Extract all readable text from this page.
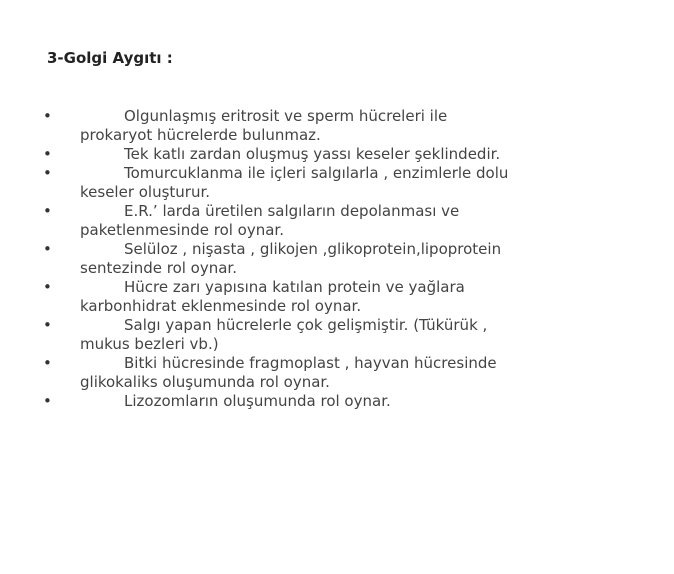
3-Golgi Aygıtı :
•	Olgunlaşmış eritrosit ve sperm hücreleri ile
prokaryot hücrelerde bulunmaz.
•	Tek katlı zardan oluşmuş yassı keseler şeklindedir.
•	Tomurcuklanma ile içleri salgılarla , enzimlerle dolu
keseler oluşturur.
•	E.R.’ larda üretilen salgıların depolanması ve
paketlenmesinde rol oynar.
•	Selüloz , nişasta , glikojen ,glikoprotein,lipoprotein
sentezinde rol oynar.
•	Hücre zarı yapısına katılan protein ve yağlara
karbonhidrat eklenmesinde rol oynar.
•	Salgı yapan hücrelerle çok gelişmiştir. (Tükürük ,
mukus bezleri vb.)
•	Bitki hücresinde fragmoplast , hayvan hücresinde
glikokaliks oluşumunda rol oynar.
•	Lizozomların oluşumunda rol oynar.
